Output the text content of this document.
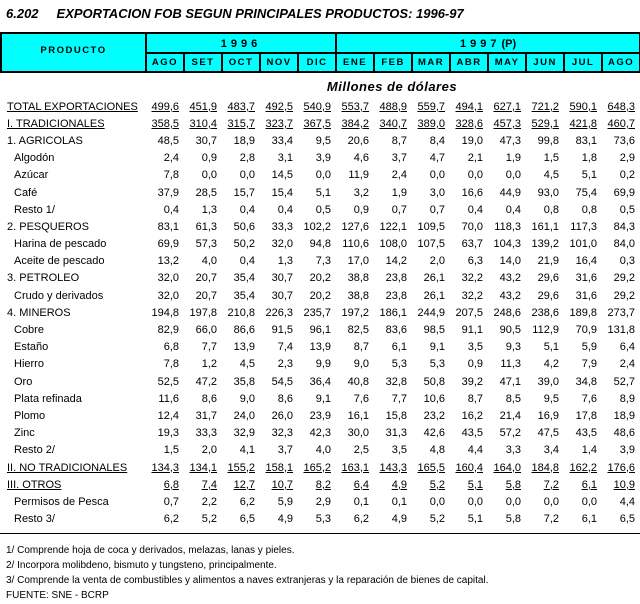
6.202 EXPORTACION FOB SEGUN PRINCIPALES PRODUCTOS: 1996-97
PRODUCTO	1996					1997(P)							
	AGO	SET	OCT	NOV	DIC	ENE	FEB	MAR	ABR	MAY	JUN	JUL	AGO
Millones de dólares
TOTAL EXPORTACIONES	499,6	451,9	483,7	492,5	540,9	553,7	488,9	559,7	494,1	627,1	721,2	590,1	648,3
I. TRADICIONALES	358,5	310,4	315,7	323,7	367,5	384,2	340,7	389,0	328,6	457,3	529,1	421,8	460,7
1. AGRICOLAS	48,5	30,7	18,9	33,4	9,5	20,6	8,7	8,4	19,0	47,3	99,8	83,1	73,6
Algodón	2,4	0,9	2,8	3,1	3,9	4,6	3,7	4,7	2,1	1,9	1,5	1,8	2,9
Azúcar	7,8	0,0	0,0	14,5	0,0	11,9	2,4	0,0	0,0	0,0	4,5	5,1	0,2
Café	37,9	28,5	15,7	15,4	5,1	3,2	1,9	3,0	16,6	44,9	93,0	75,4	69,9
Resto 1/	0,4	1,3	0,4	0,4	0,5	0,9	0,7	0,7	0,4	0,4	0,8	0,8	0,5
2. PESQUEROS	83,1	61,3	50,6	33,3	102,2	127,6	122,1	109,5	70,0	118,3	161,1	117,3	84,3
Harina de pescado	69,9	57,3	50,2	32,0	94,8	110,6	108,0	107,5	63,7	104,3	139,2	101,0	84,0
Aceite de pescado	13,2	4,0	0,4	1,3	7,3	17,0	14,2	2,0	6,3	14,0	21,9	16,4	0,3
3. PETROLEO	32,0	20,7	35,4	30,7	20,2	38,8	23,8	26,1	32,2	43,2	29,6	31,6	29,2
Crudo y derivados	32,0	20,7	35,4	30,7	20,2	38,8	23,8	26,1	32,2	43,2	29,6	31,6	29,2
4. MINEROS	194,8	197,8	210,8	226,3	235,7	197,2	186,1	244,9	207,5	248,6	238,6	189,8	273,7
Cobre	82,9	66,0	86,6	91,5	96,1	82,5	83,6	98,5	91,1	90,5	112,9	70,9	131,8
Estaño	6,8	7,7	13,9	7,4	13,9	8,7	6,1	9,1	3,5	9,3	5,1	5,9	6,4
Hierro	7,8	1,2	4,5	2,3	9,9	9,0	5,3	5,3	0,9	11,3	4,2	7,9	2,4
Oro	52,5	47,2	35,8	54,5	36,4	40,8	32,8	50,8	39,2	47,1	39,0	34,8	52,7
Plata refinada	11,6	8,6	9,0	8,6	9,1	7,6	7,7	10,6	8,7	8,5	9,5	7,6	8,9
Plomo	12,4	31,7	24,0	26,0	23,9	16,1	15,8	23,2	16,2	21,4	16,9	17,8	18,9
Zinc	19,3	33,3	32,9	32,3	42,3	30,0	31,3	42,6	43,5	57,2	47,5	43,5	48,6
Resto 2/	1,5	2,0	4,1	3,7	4,0	2,5	3,5	4,8	4,4	3,3	3,4	1,4	3,9
II. NO TRADICIONALES	134,3	134,1	155,2	158,1	165,2	163,1	143,3	165,5	160,4	164,0	184,8	162,2	176,6
III. OTROS	6,8	7,4	12,7	10,7	8,2	6,4	4,9	5,2	5,1	5,8	7,2	6,1	10,9
Permisos de Pesca	0,7	2,2	6,2	5,9	2,9	0,1	0,1	0,0	0,0	0,0	0,0	0,0	4,4
Resto 3/	6,2	5,2	6,5	4,9	5,3	6,2	4,9	5,2	5,1	5,8	7,2	6,1	6,5
1/ Comprende hoja de coca y derivados, melazas, lanas y pieles.
2/ Incorpora molibdeno, bismuto y tungsteno, principalmente.
3/ Comprende la venta de combustibles y alimentos a naves extranjeras y la reparación de bienes de capital.
FUENTE: SNE - BCRP
